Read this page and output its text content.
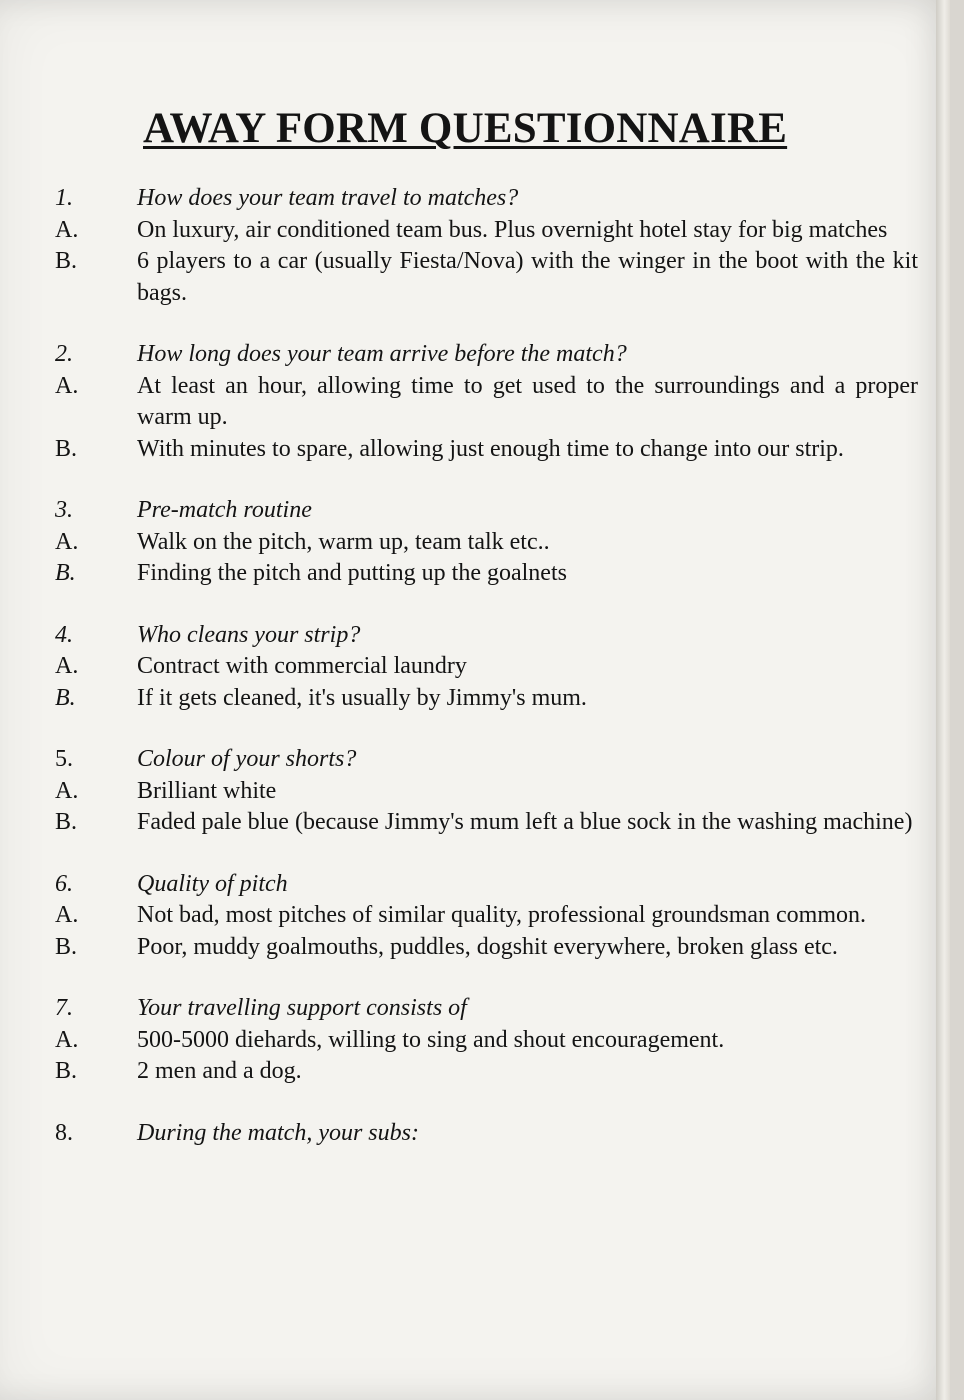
AWAY FORM QUESTIONNAIRE
1.	How does your team travel to matches?
A.	On luxury, air conditioned team bus. Plus overnight hotel stay for big matches
B.	6 players to a car (usually Fiesta/Nova) with the winger in the boot with the kit bags.
2.	How long does your team arrive before the match?
A.	At least an hour, allowing time to get used to the surroundings and a proper warm up.
B.	With minutes to spare, allowing just enough time to change into our strip.
3.	Pre-match routine
A.	Walk on the pitch, warm up, team talk etc..
B.	Finding the pitch and putting up the goalnets
4.	Who cleans your strip?
A.	Contract with commercial laundry
B.	If it gets cleaned, it's usually by Jimmy's mum.
5.	Colour of your shorts?
A.	Brilliant white
B.	Faded pale blue (because Jimmy's mum left a blue sock in the washing machine)
6.	Quality of pitch
A.	Not bad, most pitches of similar quality, professional groundsman common.
B.	Poor, muddy goalmouths, puddles, dogshit everywhere, broken glass etc.
7.	Your travelling support consists of
A.	500-5000 diehards, willing to sing and shout encouragement.
B.	2 men and a dog.
8.	During the match, your subs:
